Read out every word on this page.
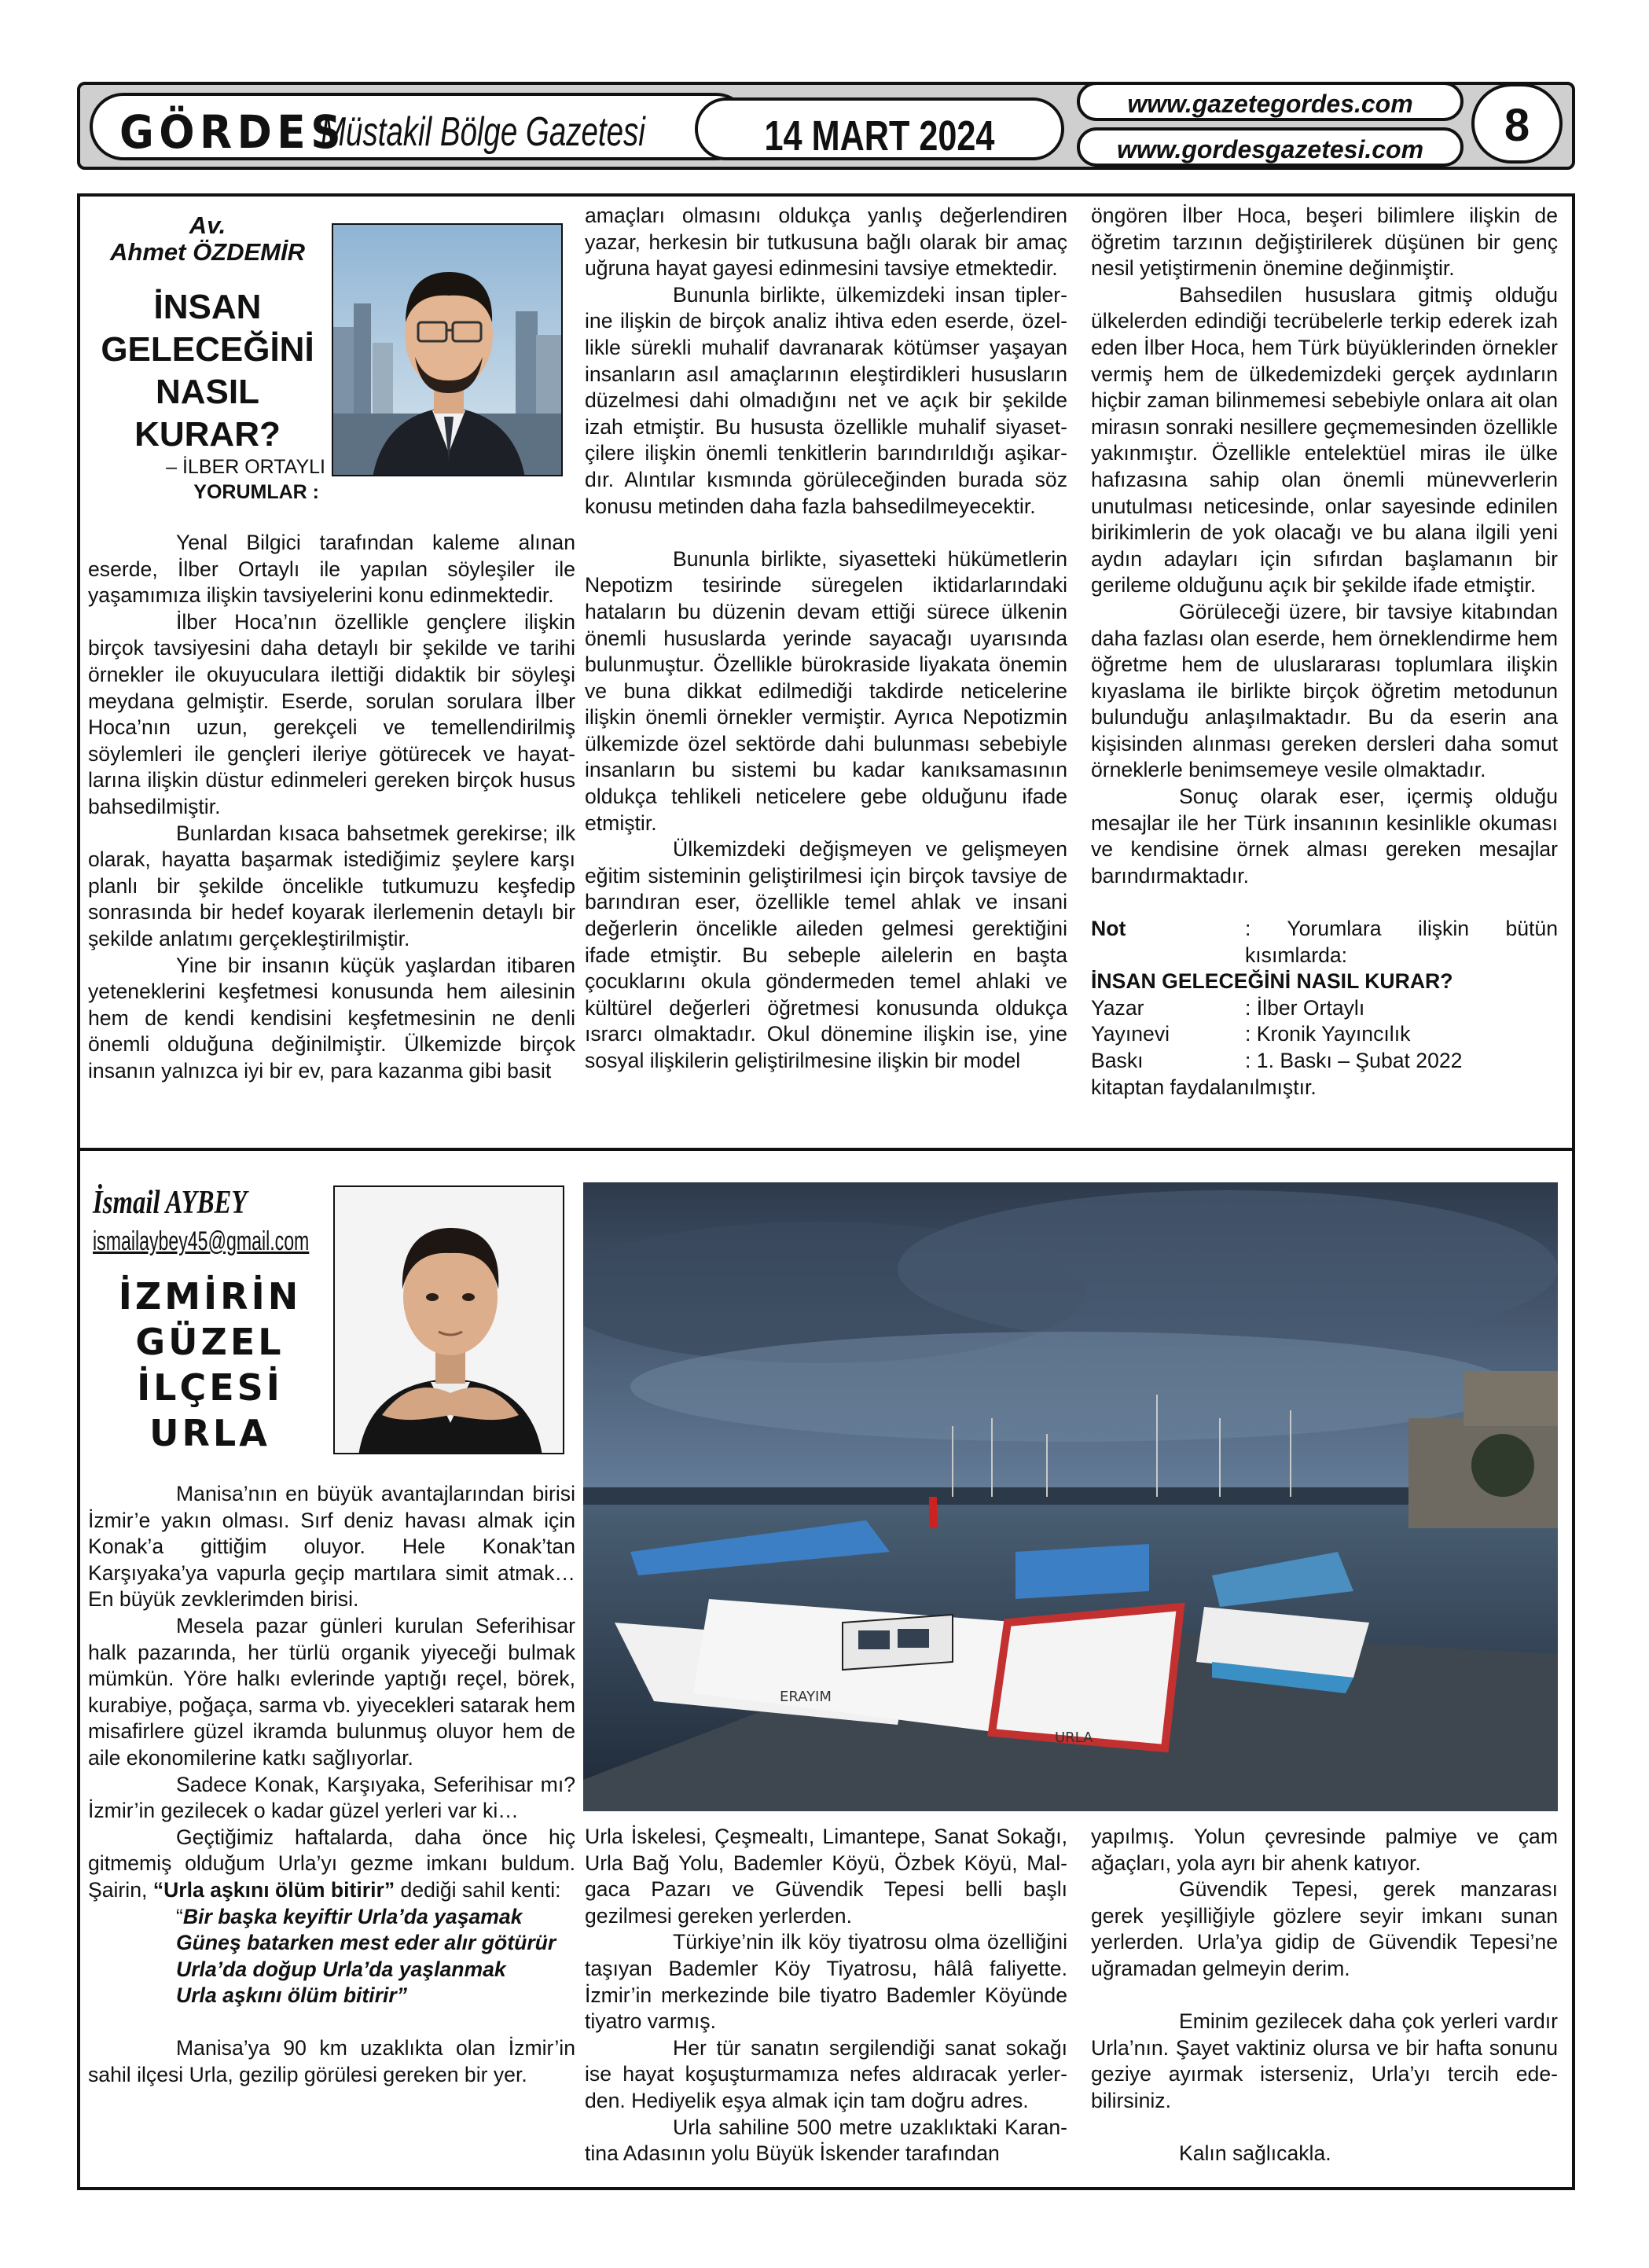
GÖRDES
Müstakil Bölge Gazetesi	14 MART 2024
www.gazetegordes.com
www.gordesgazetesi.com	8
Av.
Ahmet ÖZDEMİR
İNSAN
GELECEĞİNİ
NASIL
KURAR?
– İLBER ORTAYLI
YORUMLAR :

Yenal Bilgici tarafından kaleme alınan eserde, İlber Ortaylı ile yapılan söyleşiler ile yaşamımıza ilişkin tavsiyelerini konu edinmektedir.

İlber Hoca’nın özellikle gençlere ilişkin birçok tavsiyesini daha detaylı bir şekilde ve tarihi örnekler ile okuyuculara ilettiği didaktik bir söyleşi meydana gelmiştir. Eserde, sorulan sorulara İlber Hoca’nın uzun, gerekçeli ve temellendirilmiş söylemleri ile gençleri ileriye götürecek ve hayatlarına ilişkin düstur edinmeleri gereken birçok husus bahsedilmiştir.

Bunlardan kısaca bahsetmek gerekirse; ilk olarak, hayatta başarmak istediğimiz şeylere karşı planlı bir şekilde öncelikle tutkumuzu keşfedip sonrasında bir hedef koyarak ilerlemenin detaylı bir şekilde anlatımı gerçekleştirilmiştir.

Yine bir insanın küçük yaşlardan itibaren yeteneklerini keşfetmesi konusunda hem ailesinin hem de kendi kendisini keşfetmesinin ne denli önemli olduğuna değinilmiştir. Ülkemizde birçok insanın yalnızca iyi bir ev, para kazanma gibi basit

amaçları olmasını oldukça yanlış değerlendiren yazar, herkesin bir tutkusuna bağlı olarak bir amaç uğruna hayat gayesi edinmesini tavsiye etmektedir.

Bununla birlikte, ülkemizdeki insan tiplerine ilişkin de birçok analiz ihtiva eden eserde, özellikle sürekli muhalif davranarak kötümser yaşayan insanların asıl amaçlarının eleştirdikleri hususların düzelmesi dahi olmadığını net ve açık bir şekilde izah etmiştir. Bu hususta özellikle muhalif siyasetçilere ilişkin önemli tenkitlerin barındırıldığı aşikardır. Alıntılar kısmında görüleceğinden burada söz konusu metinden daha fazla bahsedilmeyecektir.

Bununla birlikte, siyasetteki hükümetlerin Nepotizm tesirinde süregelen iktidarlarındaki hataların bu düzenin devam ettiği sürece ülkenin önemli hususlarda yerinde sayacağı uyarısında bulunmuştur. Özellikle bürokraside liyakata önemin ve buna dikkat edilmediği takdirde neticelerine ilişkin önemli örnekler vermiştir. Ayrıca Nepotizmin ülkemizde özel sektörde dahi bulunması sebebiyle insanların bu sistemi bu kadar kanıksamasının oldukça tehlikeli neticelere gebe olduğunu ifade etmiştir.

Ülkemizdeki değişmeyen ve gelişmeyen eğitim sisteminin geliştirilmesi için birçok tavsiye de barındıran eser, özellikle temel ahlak ve insani değerlerin öncelikle aileden gelmesi gerektiğini ifade etmiştir. Bu sebeple ailelerin en başta çocuklarını okula göndermeden temel ahlaki ve kültürel değerleri öğretmesi konusunda oldukça ısrarcı olmaktadır. Okul dönemine ilişkin ise, yine sosyal ilişkilerin geliştirilmesine ilişkin bir model

öngören İlber Hoca, beşeri bilimlere ilişkin de öğretim tarzının değiştirilerek düşünen bir genç nesil yetiştirmenin önemine değinmiştir.

Bahsedilen hususlara gitmiş olduğu ülkelerden edindiği tecrübelerle terkip ederek izah eden İlber Hoca, hem Türk büyüklerinden örnekler vermiş hem de ülkedemizdeki gerçek aydınların hiçbir zaman bilinmemesi sebebiyle onlara ait olan mirasın sonraki nesillere geçmemesinden özellikle yakınmıştır. Özellikle entelektüel miras ile ülke hafızasına sahip olan önemli münevverlerin unutulması neticesinde, onlar sayesinde edinilen birikimlerin de yok olacağı ve bu alana ilgili yeni aydın adayları için sıfırdan başlamanın bir gerileme olduğunu açık bir şekilde ifade etmiştir.

Görüleceği üzere, bir tavsiye kitabından daha fazlası olan eserde, hem örneklendirme hem öğretme hem de uluslararası toplumlara ilişkin kıyaslama ile birlikte birçok öğretim metodunun bulunduğu anlaşılmaktadır. Bu da eserin ana kişisinden alınması gereken dersleri daha somut örneklerle benimsemeye vesile olmaktadır.

Sonuç olarak eser, içermiş olduğu mesajlar ile her Türk insanının kesinlikle okuması ve kendisine örnek alması gereken mesajlar barındırmaktadır.

Not	: Yorumlara ilişkin bütün kısımlarda:
İNSAN GELECEĞİNİ NASIL KURAR?	
Yazar	: İlber Ortaylı
Yayınevi	: Kronik Yayıncılık
Baskı	: 1. Baskı – Şubat 2022
kitaptan faydalanılmıştır.	
İsmail AYBEY
ismailaybey45@gmail.com
İZMİRİN
GÜZEL
İLÇESİ
URLA
ERAYIM
URLA

Manisa’nın en büyük avantajlarından birisi İzmir’e yakın olması. Sırf deniz havası almak için Konak’a gittiğim oluyor. Hele Konak’tan Karşıyaka’ya vapurla geçip martılara simit atmak…En büyük zevklerimden birisi.

Mesela pazar günleri kurulan Seferihisar halk pazarında, her türlü organik yiyeceği bulmak mümkün. Yöre halkı evlerinde yaptığı reçel, börek, kurabiye, poğaça, sarma vb. yiyecekleri satarak hem misafirlere güzel ikramda bulunmuş oluyor hem de aile ekonomilerine katkı sağlıyorlar.

Sadece Konak, Karşıyaka, Seferihisar mı? İzmir’in gezilecek o kadar güzel yerleri var ki…

Geçtiğimiz haftalarda, daha önce hiç gitmemiş olduğum Urla’yı gezme imkanı buldum. Şairin, “Urla aşkını ölüm bitirir” dediği sahil kenti:

“Bir başka keyiftir Urla’da yaşamak
Güneş batarken mest eder alır götürür
Urla’da doğup Urla’da yaşlanmak
Urla aşkını ölüm bitirir”

Manisa’ya 90 km uzaklıkta olan İzmir’in sahil ilçesi Urla, gezilip görülesi gereken bir yer.

Urla İskelesi, Çeşmealtı, Limantepe, Sanat Sokağı, Urla Bağ Yolu, Bademler Köyü, Özbek Köyü, Malgaca Pazarı ve Güvendik Tepesi belli başlı gezilmesi gereken yerlerden.

Türkiye’nin ilk köy tiyatrosu olma özelliğini taşıyan Bademler Köy Tiyatrosu, hâlâ faliyette. İzmir’in merkezinde bile tiyatro Bademler Köyünde tiyatro varmış.

Her tür sanatın sergilendiği sanat sokağı ise hayat koşuşturmamıza nefes aldıracak yerlerden. Hediyelik eşya almak için tam doğru adres.

Urla sahiline 500 metre uzaklıktaki Karantina Adasının yolu Büyük İskender tarafından

yapılmış. Yolun çevresinde palmiye ve çam ağaçları, yola ayrı bir ahenk katıyor.

Güvendik Tepesi, gerek manzarası gerek yeşilliğiyle gözlere seyir imkanı sunan yerlerden. Urla’ya gidip de Güvendik Tepesi’ne uğramadan gelmeyin derim.

Eminim gezilecek daha çok yerleri vardır Urla’nın. Şayet vaktiniz olursa ve bir hafta sonunu geziye ayırmak isterseniz, Urla’yı tercih edebilirsiniz.

Kalın sağlıcakla.
